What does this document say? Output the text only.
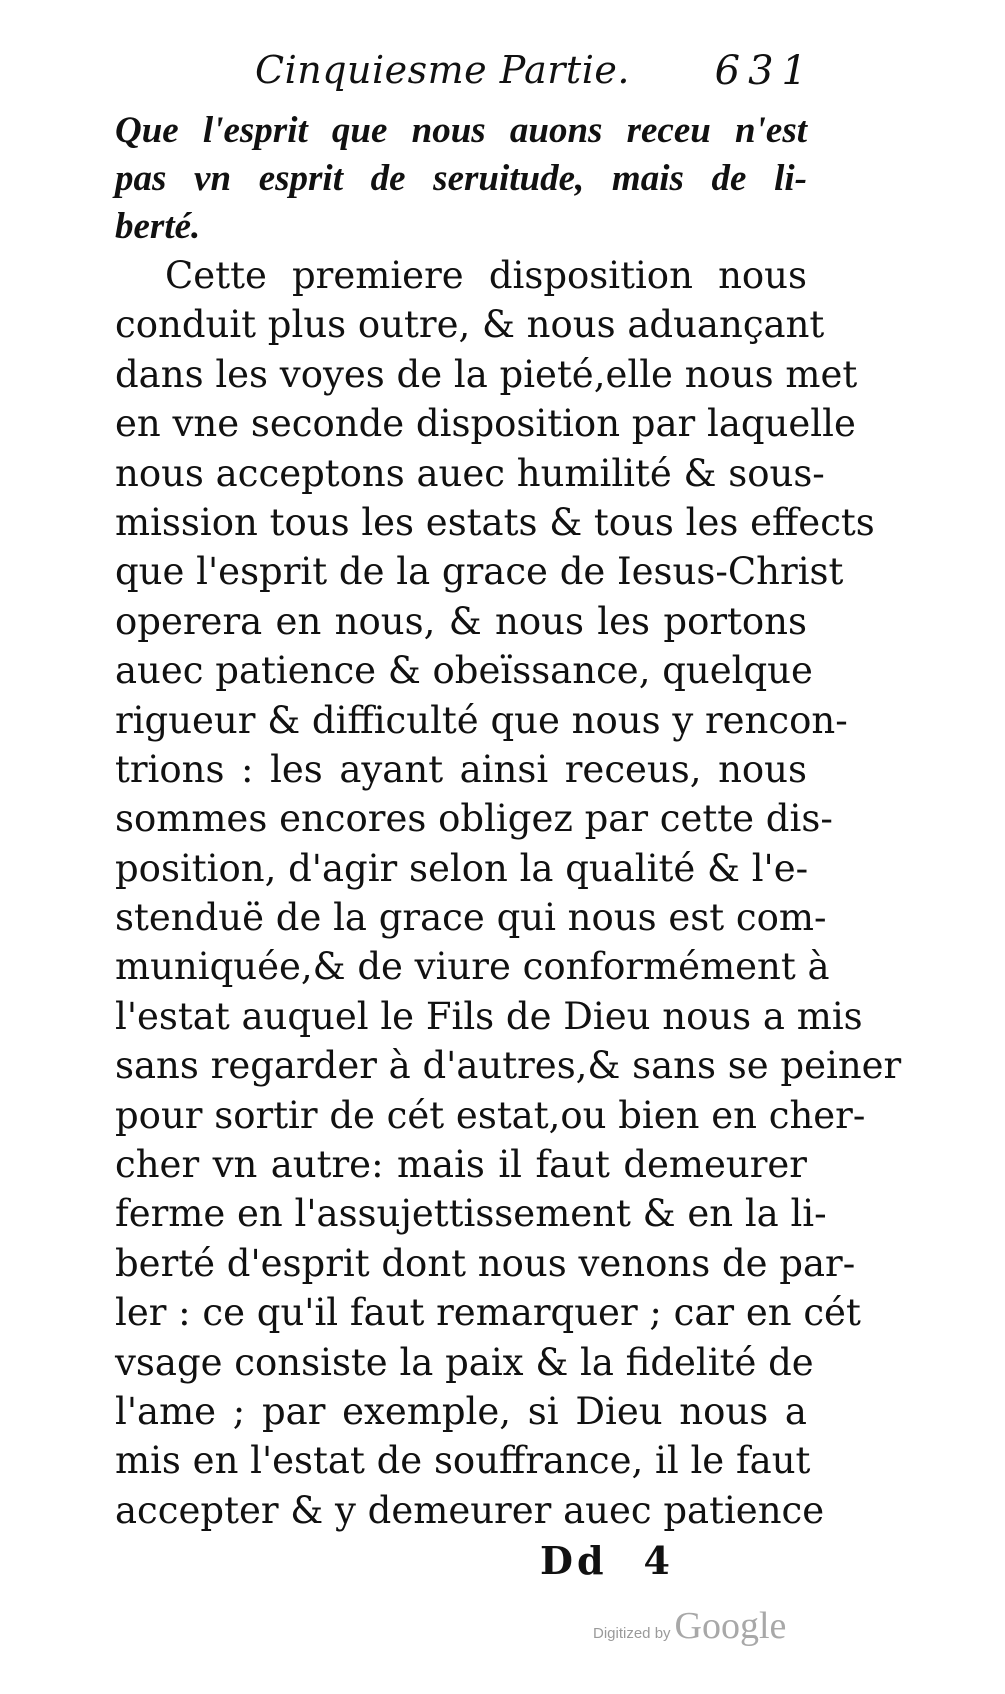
Cinquiesme Partie. 631
Que l'esprit que nous auons receu n'est
pas vn esprit de seruitude, mais de li-
berté.
Cette premiere disposition nous
conduit plus outre, & nous aduançant
dans les voyes de la pieté,elle nous met
en vne seconde disposition par laquelle
nous acceptons auec humilité & sous-
mission tous les estats & tous les effects
que l'esprit de la grace de Iesus-Christ
operera en nous, & nous les portons
auec patience & obeïssance, quelque
rigueur & difficulté que nous y rencon-
trions : les ayant ainsi receus, nous
sommes encores obligez par cette dis-
position, d'agir selon la qualité & l'e-
stenduë de la grace qui nous est com-
muniquée,& de viure conformément à
l'estat auquel le Fils de Dieu nous a mis
sans regarder à d'autres,& sans se peiner
pour sortir de cét estat,ou bien en cher-
cher vn autre: mais il faut demeurer
ferme en l'assujettissement & en la li-
berté d'esprit dont nous venons de par-
ler : ce qu'il faut remarquer ; car en cét
vsage consiste la paix & la fidelité de
l'ame ; par exemple, si Dieu nous a
mis en l'estat de souffrance, il le faut
accepter & y demeurer auec patience
Dd 4
Digitized by Google
